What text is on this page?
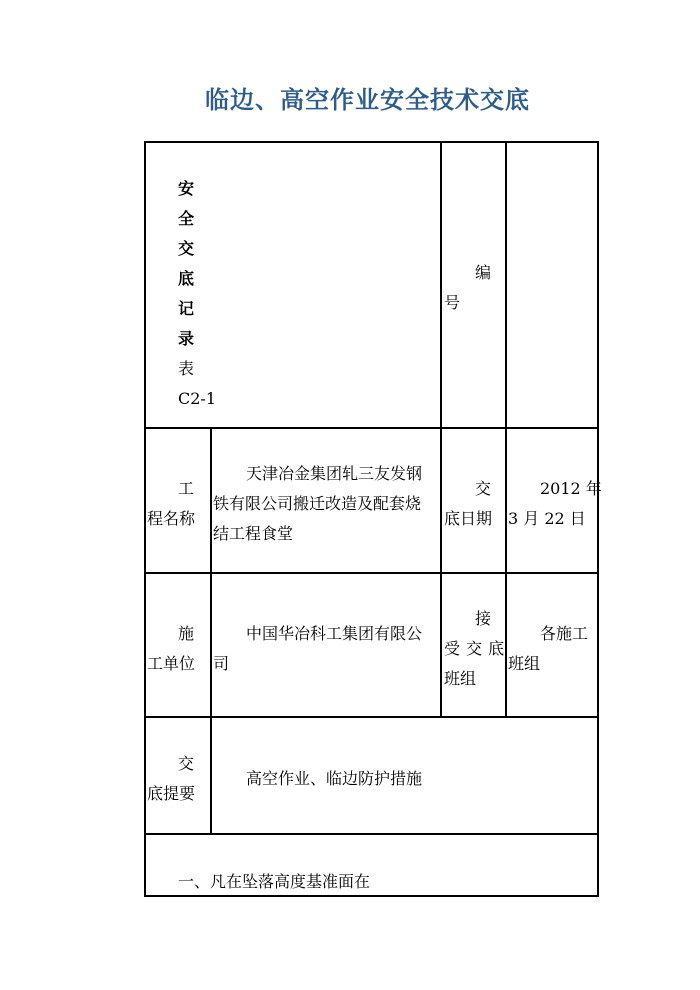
临边、高空作业安全技术交底
安
全
交
底
记
录
表
C2-1
编
号
工
程名称
天津冶金集团轧三友发钢
铁有限公司搬迁改造及配套烧
结工程食堂
交
底日期
2012 年
3 月 22 日
施
工单位
中国华冶科工集团有限公
司
接
受 交 底
班组
各施工
班组
交
底提要
高空作业、临边防护措施
一、凡在坠落高度基准面在
